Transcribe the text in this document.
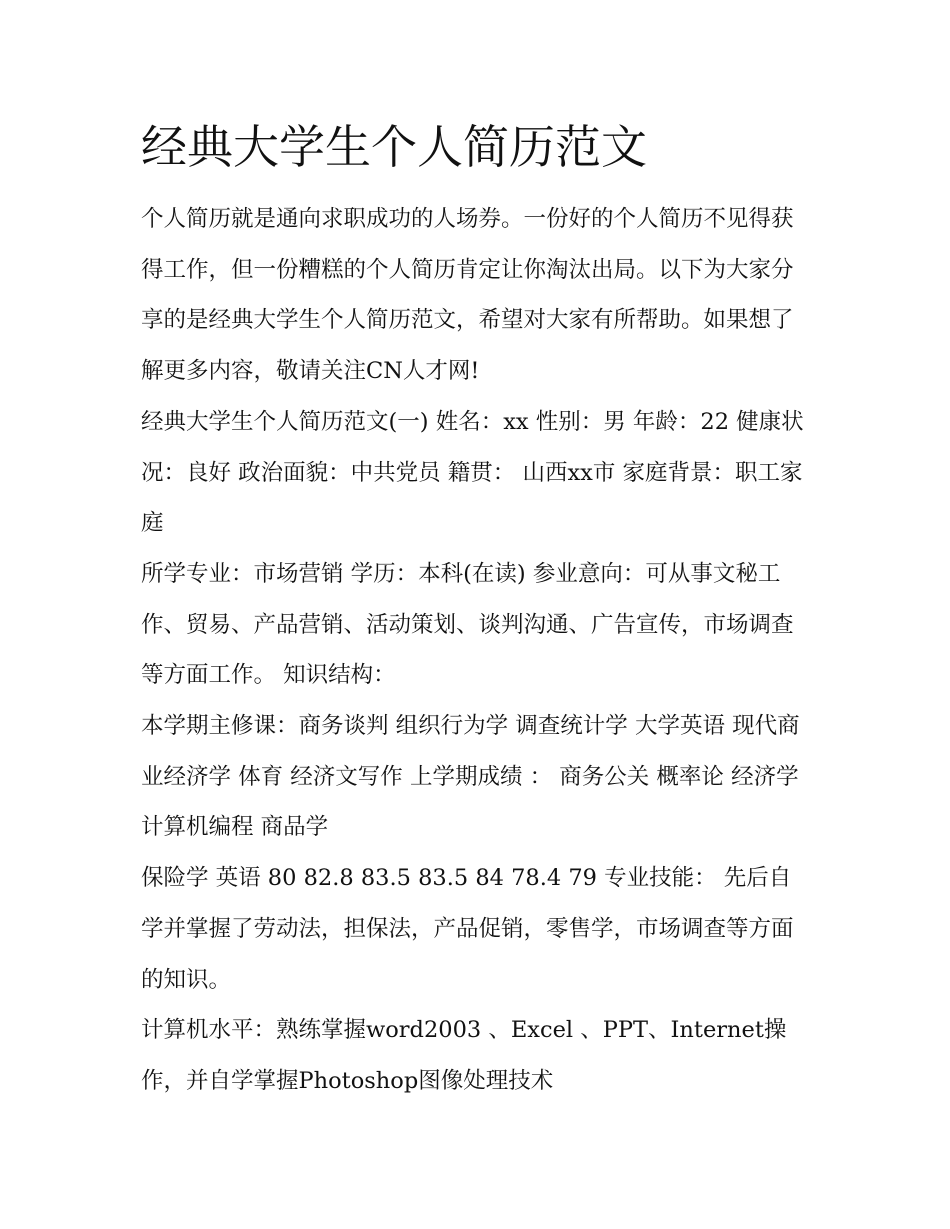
经典大学生个人简历范文

个人简历就是通向求职成功的人场券。一份好的个人简历不见得获得工作，但一份糟糕的个人简历肯定让你淘汰出局。以下为大家分享的是经典大学生个人简历范文，希望对大家有所帮助。如果想了解更多内容，敬请关注CN人才网!

经典大学生个人简历范文(一) 姓名：xx 性别：男 年龄：22 健康状况：良好 政治面貌：中共党员 籍贯： 山西xx市 家庭背景：职工家庭

所学专业：市场营销 学历：本科(在读) 参业意向：可从事文秘工作、贸易、产品营销、活动策划、谈判沟通、广告宣传，市场调查等方面工作。 知识结构：

本学期主修课：商务谈判 组织行为学 调查统计学 大学英语 现代商业经济学 体育 经济文写作 上学期成绩 ： 商务公关 概率论 经济学 计算机编程 商品学

保险学 英语 80 82.8 83.5 83.5 84 78.4 79 专业技能： 先后自学并掌握了劳动法，担保法，产品促销，零售学，市场调查等方面的知识。

计算机水平：熟练掌握word2003 、Excel 、PPT、Internet操作，并自学掌握Photoshop图像处理技术
